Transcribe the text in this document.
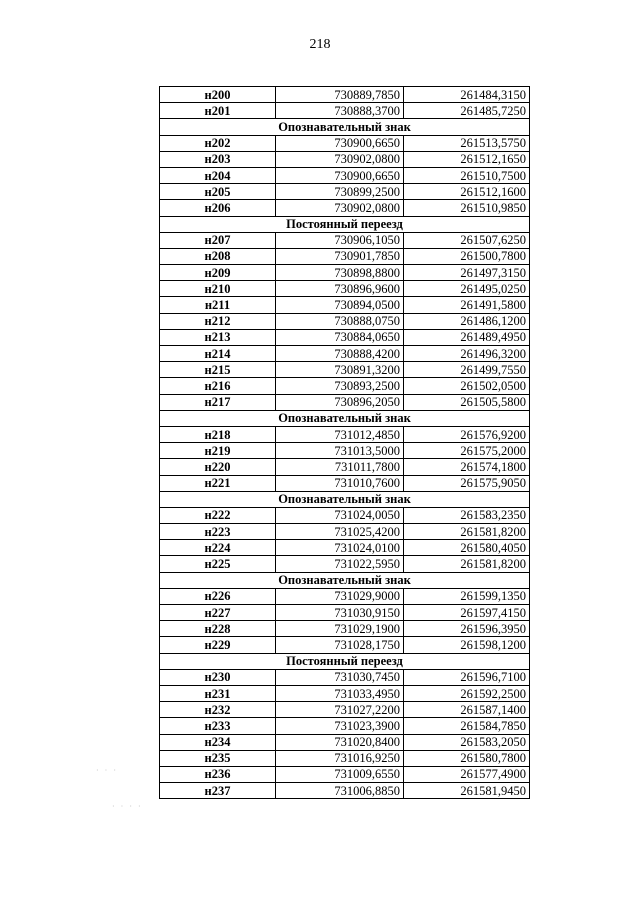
218
н200	730889,7850	261484,3150
н201	730888,3700	261485,7250
Опознавательный знак		
н202	730900,6650	261513,5750
н203	730902,0800	261512,1650
н204	730900,6650	261510,7500
н205	730899,2500	261512,1600
н206	730902,0800	261510,9850
Постоянный переезд		
н207	730906,1050	261507,6250
н208	730901,7850	261500,7800
н209	730898,8800	261497,3150
н210	730896,9600	261495,0250
н211	730894,0500	261491,5800
н212	730888,0750	261486,1200
н213	730884,0650	261489,4950
н214	730888,4200	261496,3200
н215	730891,3200	261499,7550
н216	730893,2500	261502,0500
н217	730896,2050	261505,5800
Опознавательный знак		
н218	731012,4850	261576,9200
н219	731013,5000	261575,2000
н220	731011,7800	261574,1800
н221	731010,7600	261575,9050
Опознавательный знак		
н222	731024,0050	261583,2350
н223	731025,4200	261581,8200
н224	731024,0100	261580,4050
н225	731022,5950	261581,8200
Опознавательный знак		
н226	731029,9000	261599,1350
н227	731030,9150	261597,4150
н228	731029,1900	261596,3950
н229	731028,1750	261598,1200
Постоянный переезд		
н230	731030,7450	261596,7100
н231	731033,4950	261592,2500
н232	731027,2200	261587,1400
н233	731023,3900	261584,7850
н234	731020,8400	261583,2050
н235	731016,9250	261580,7800
н236	731009,6550	261577,4900
н237	731006,8850	261581,9450
· · ·
· · · ·
